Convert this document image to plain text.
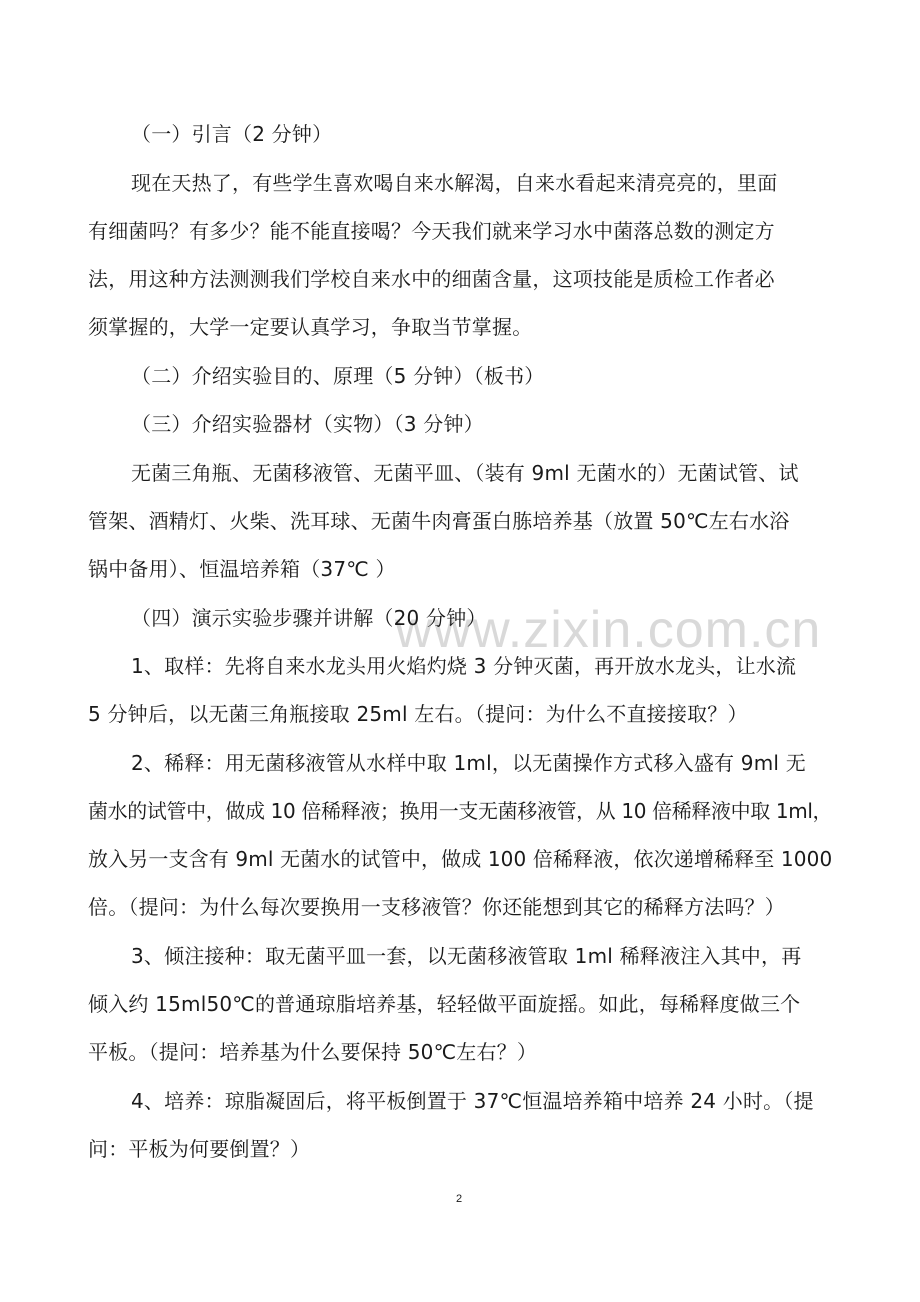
www.zixin.com.cn

（一）引言（2 分钟）

现在天热了，有些学生喜欢喝自来水解渴，自来水看起来清亮亮的，里面

有细菌吗？有多少？能不能直接喝？今天我们就来学习水中菌落总数的测定方

法，用这种方法测测我们学校自来水中的细菌含量，这项技能是质检工作者必

须掌握的，大学一定要认真学习，争取当节掌握。

（二）介绍实验目的、原理（5 分钟）（板书）

（三）介绍实验器材（实物）（3 分钟）

无菌三角瓶、无菌移液管、无菌平皿、（装有 9ml 无菌水的）无菌试管、试

管架、酒精灯、火柴、洗耳球、无菌牛肉膏蛋白胨培养基（放置 50℃左右水浴

锅中备用）、恒温培养箱（37℃ ）

（四）演示实验步骤并讲解（20 分钟）

1、取样：先将自来水龙头用火焰灼烧 3 分钟灭菌，再开放水龙头，让水流

5 分钟后，以无菌三角瓶接取 25ml 左右。（提问：为什么不直接接取？）

2、稀释：用无菌移液管从水样中取 1ml，以无菌操作方式移入盛有 9ml 无

菌水的试管中，做成 10 倍稀释液；换用一支无菌移液管，从 10 倍稀释液中取 1ml，

放入另一支含有 9ml 无菌水的试管中，做成 100 倍稀释液，依次递增稀释至 1000

倍。（提问：为什么每次要换用一支移液管？你还能想到其它的稀释方法吗？）

3、倾注接种：取无菌平皿一套，以无菌移液管取 1ml 稀释液注入其中，再

倾入约 15ml50℃的普通琼脂培养基，轻轻做平面旋摇。如此，每稀释度做三个

平板。（提问：培养基为什么要保持 50℃左右？）

4、培养：琼脂凝固后，将平板倒置于 37℃恒温培养箱中培养 24 小时。（提

问：平板为何要倒置？）

2
